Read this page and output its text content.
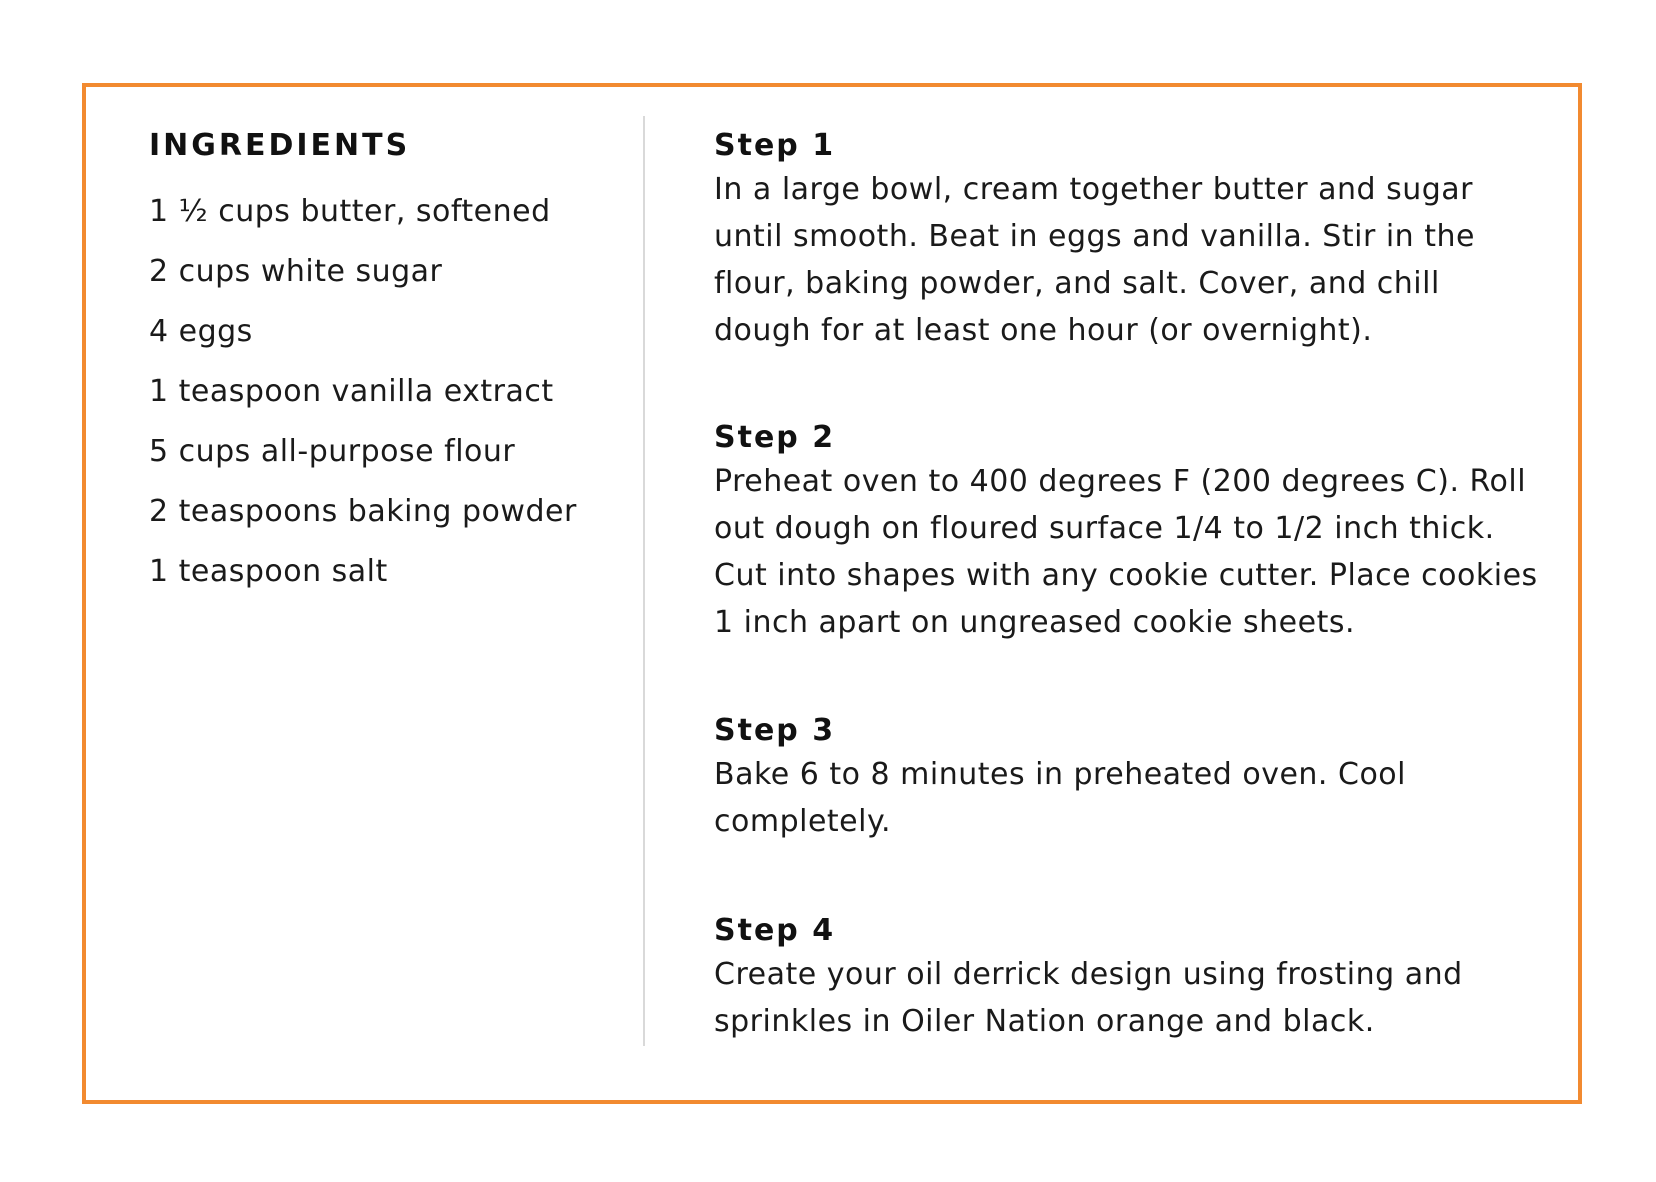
INGREDIENTS
1 ½ cups butter, softened
2 cups white sugar
4 eggs
1 teaspoon vanilla extract
5 cups all-purpose flour
2 teaspoons baking powder
1 teaspoon salt
Step 1

In a large bowl, cream together butter and sugar
until smooth. Beat in eggs and vanilla. Stir in the
flour, baking powder, and salt. Cover, and chill
dough for at least one hour (or overnight).

Step 2

Preheat oven to 400 degrees F (200 degrees C). Roll
out dough on floured surface 1/4 to 1/2 inch thick.
Cut into shapes with any cookie cutter. Place cookies
1 inch apart on ungreased cookie sheets.

Step 3

Bake 6 to 8 minutes in preheated oven. Cool
completely.

Step 4

Create your oil derrick design using frosting and
sprinkles in Oiler Nation orange and black.
